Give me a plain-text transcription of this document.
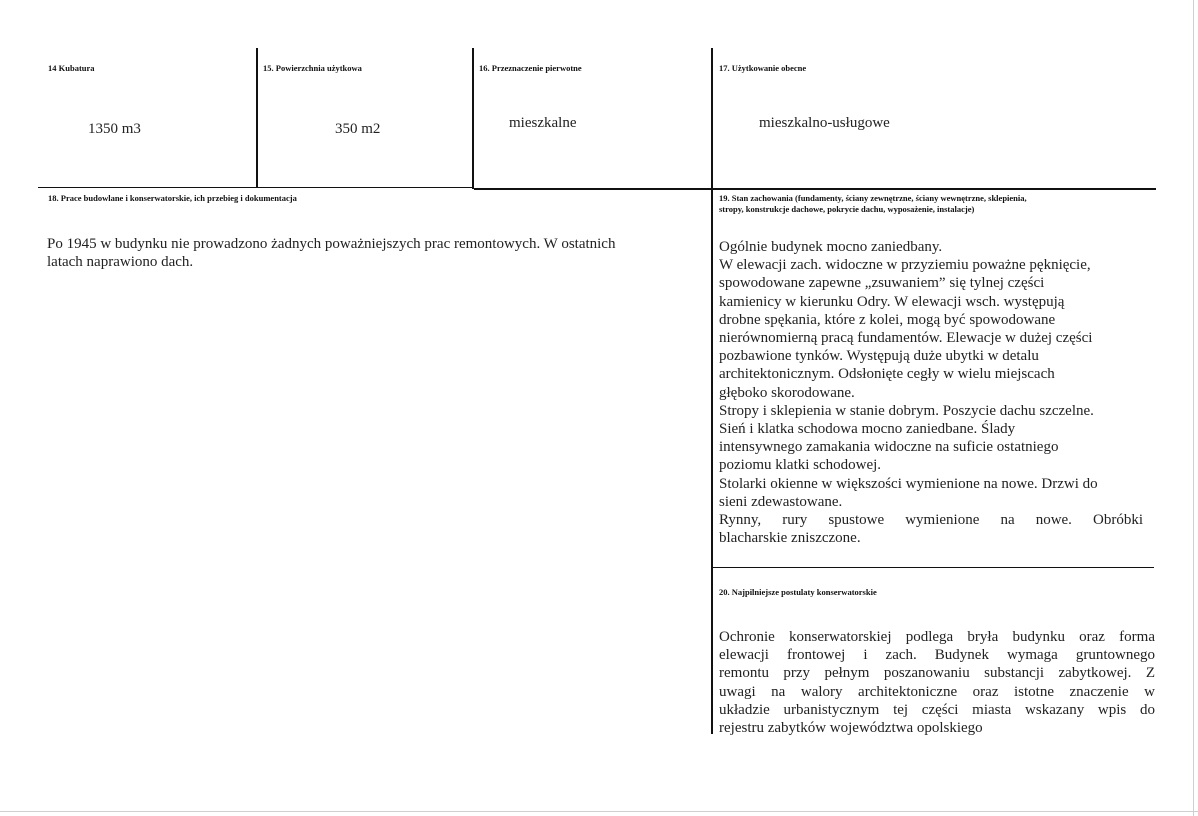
14 Kubatura
1350 m3
15. Powierzchnia użytkowa
350 m2
16. Przeznaczenie pierwotne
mieszkalne
17. Użytkowanie obecne
mieszkalno-usługowe
18. Prace budowlane i konserwatorskie, ich przebieg i dokumentacja
Po 1945 w budynku nie prowadzono żadnych poważniejszych prac remontowych. W ostatnich
latach naprawiono dach.
19. Stan zachowania (fundamenty, ściany zewnętrzne, ściany wewnętrzne, sklepienia,
stropy, konstrukcje dachowe, pokrycie dachu, wyposażenie, instalacje)
Ogólnie budynek mocno zaniedbany.
W elewacji zach. widoczne w przyziemiu poważne pęknięcie,
spowodowane zapewne „zsuwaniem” się tylnej części
kamienicy w kierunku Odry. W elewacji wsch. występują
drobne spękania, które z kolei, mogą być spowodowane
nierównomierną pracą fundamentów. Elewacje w dużej części
pozbawione tynków. Występują duże ubytki w detalu
architektonicznym. Odsłonięte cegły w wielu miejscach
głęboko skorodowane.
Stropy i sklepienia w stanie dobrym. Poszycie dachu szczelne.
Sień i klatka schodowa mocno zaniedbane. Ślady
intensywnego zamakania widoczne na suficie ostatniego
poziomu klatki schodowej.
Stolarki okienne w większości wymienione na nowe. Drzwi do
sieni zdewastowane.
Rynny, rury spustowe wymienione na nowe. Obróbki
blacharskie zniszczone.
20. Najpilniejsze postulaty konserwatorskie
Ochronie konserwatorskiej podlega bryła budynku oraz forma
elewacji frontowej i zach. Budynek wymaga gruntownego
remontu przy pełnym poszanowaniu substancji zabytkowej. Z
uwagi na walory architektoniczne oraz istotne znaczenie w
układzie urbanistycznym tej części miasta wskazany wpis do
rejestru zabytków województwa opolskiego
